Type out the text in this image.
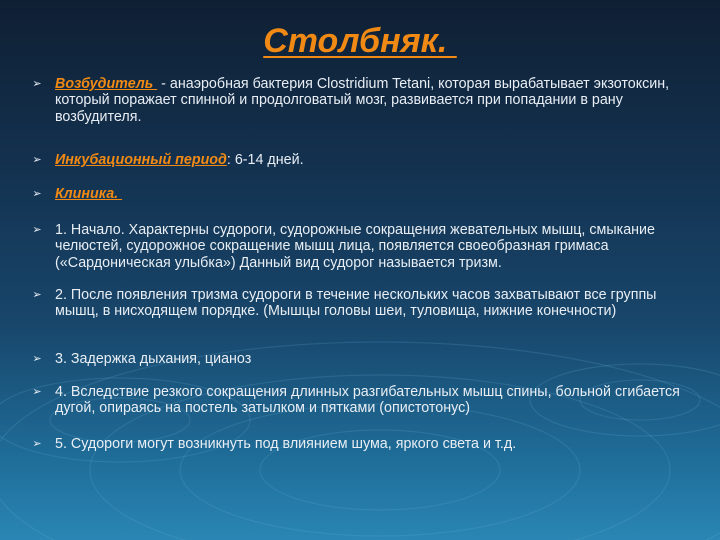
Столбняк.
➢ Возбудитель  - анаэробная бактерия Clostridium Tetani, которая вырабатывает экзотоксин, который поражает спинной и продолговатый мозг, развивается при попадании в рану возбудителя.
➢ Инкубационный период: 6-14 дней.
➢ Клиника.
➢ 1. Начало. Характерны судороги, судорожные сокращения жевательных мышц, смыкание челюстей, судорожное сокращение мышц лица, появляется своеобразная гримаса («Сардоническая улыбка») Данный вид судорог называется тризм.
➢ 2. После появления тризма судороги в течение нескольких часов захватывают все группы мышц, в нисходящем порядке. (Мышцы головы шеи, туловища, нижние конечности)
➢ 3. Задержка дыхания, цианоз
➢ 4. Вследствие резкого сокращения длинных разгибательных мышц спины, больной сгибается дугой, опираясь на постель затылком и пятками (опистотонус)
➢ 5. Судороги могут возникнуть под влиянием шума, яркого света и т.д.
